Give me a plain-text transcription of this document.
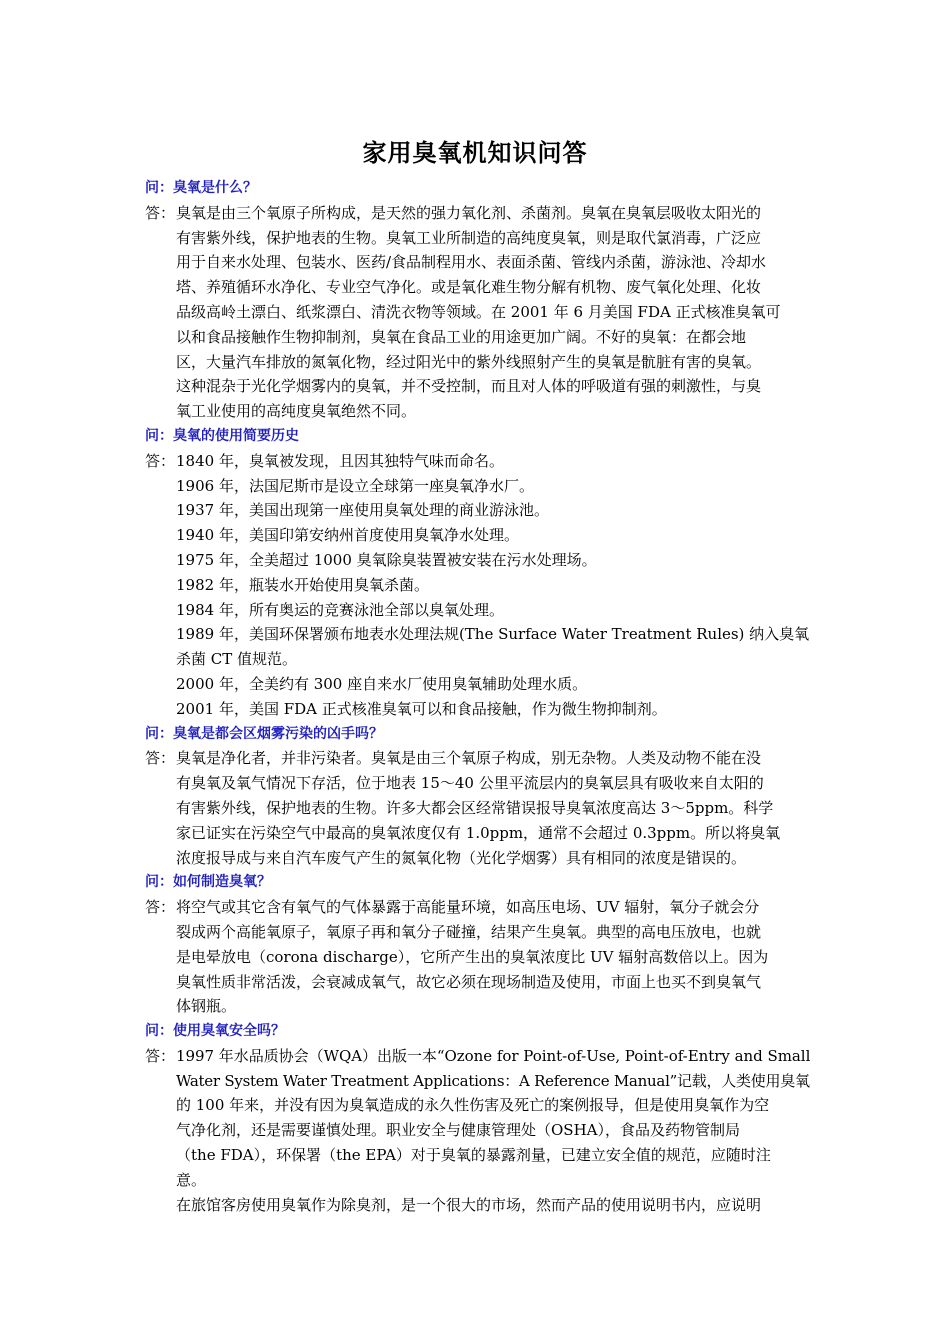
家用臭氧机知识问答
问：臭氧是什么？
答： 臭氧是由三个氧原子所构成，是天然的强力氧化剂、杀菌剂。臭氧在臭氧层吸收太阳光的
有害紫外线，保护地表的生物。臭氧工业所制造的高纯度臭氧，则是取代氯消毒，广泛应
用于自来水处理、包装水、医药/食品制程用水、表面杀菌、管线内杀菌，游泳池、冷却水
塔、养殖循环水净化、专业空气净化。或是氧化难生物分解有机物、废气氧化处理、化妆
品级高岭土漂白、纸浆漂白、清洗衣物等领域。在 2001 年 6 月美国 FDA 正式核准臭氧可
以和食品接触作生物抑制剂，臭氧在食品工业的用途更加广阔。不好的臭氧：在都会地
区，大量汽车排放的氮氧化物，经过阳光中的紫外线照射产生的臭氧是骯脏有害的臭氧。
这种混杂于光化学烟雾内的臭氧，并不受控制，而且对人体的呼吸道有强的刺激性，与臭
氧工业使用的高纯度臭氧绝然不同。
问：臭氧的使用简要历史
答： 1840 年，臭氧被发现，且因其独特气味而命名。
1906 年，法国尼斯市是设立全球第一座臭氧净水厂。
1937 年，美国出现第一座使用臭氧处理的商业游泳池。
1940 年，美国印第安纳州首度使用臭氧净水处理。
1975 年，全美超过 1000 臭氧除臭装置被安装在污水处理场。
1982 年，瓶装水开始使用臭氧杀菌。
1984 年，所有奥运的竞赛泳池全部以臭氧处理。
1989 年，美国环保署颁布地表水处理法规(The Surface Water Treatment Rules) 纳入臭氧
杀菌 CT 值规范。
2000 年，全美约有 300 座自来水厂使用臭氧辅助处理水质。
2001 年，美国 FDA 正式核准臭氧可以和食品接触，作为微生物抑制剂。
问：臭氧是都会区烟雾污染的凶手吗？
答： 臭氧是净化者，并非污染者。臭氧是由三个氧原子构成，别无杂物。人类及动物不能在没
有臭氧及氧气情况下存活，位于地表 15～40 公里平流层内的臭氧层具有吸收来自太阳的
有害紫外线，保护地表的生物。许多大都会区经常错误报导臭氧浓度高达 3～5ppm。科学
家已证实在污染空气中最高的臭氧浓度仅有 1.0ppm，通常不会超过 0.3ppm。所以将臭氧
浓度报导成与来自汽车废气产生的氮氧化物（光化学烟雾）具有相同的浓度是错误的。
问：如何制造臭氧？
答： 将空气或其它含有氧气的气体暴露于高能量环境，如高压电场、UV 辐射，氧分子就会分
裂成两个高能氧原子，氧原子再和氧分子碰撞，结果产生臭氧。典型的高电压放电，也就
是电晕放电（corona discharge），它所产生出的臭氧浓度比 UV 辐射高数倍以上。因为
臭氧性质非常活泼，会衰减成氧气，故它必须在现场制造及使用，市面上也买不到臭氧气
体钢瓶。
问：使用臭氧安全吗？
答： 1997 年水品质协会（WQA）出版一本“Ozone for Point-of-Use, Point-of-Entry and Small
Water System Water Treatment Applications：A Reference Manual”记载，人类使用臭氧
的 100 年来，并没有因为臭氧造成的永久性伤害及死亡的案例报导，但是使用臭氧作为空
气净化剂，还是需要谨慎处理。职业安全与健康管理处（OSHA），食品及药物管制局
（the FDA），环保署（the EPA）对于臭氧的暴露剂量，已建立安全值的规范，应随时注
意。
在旅馆客房使用臭氧作为除臭剂，是一个很大的市场，然而产品的使用说明书内，应说明
